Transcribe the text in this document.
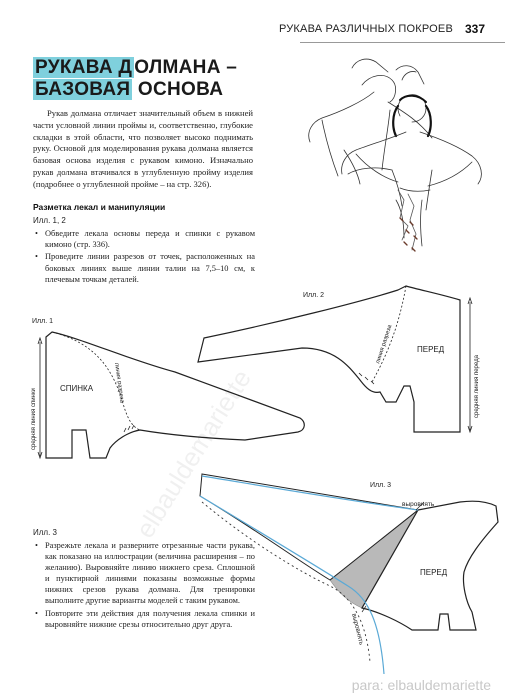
РУКАВА РАЗЛИЧНЫХ ПОКРОЕВ 337
РУКАВА Д ОЛМАНА –
БАЗОВАЯ ОСНОВА

Рукав долмана отличает значительный объем в нижней части условной линии проймы и, соответственно, глубокие складки в этой области, что позволяет высоко поднимать руку. Основой для моделирования рукава долмана является базовая основа изделия с рукавом кимоно. Изначально рукав долмана втачивался в углубленную пройму изделия (подробнее о углубленной пройме – на стр. 326).

Разметка лекал и манипуляции
Илл. 1, 2
• Обведите лекала основы переда и спинки с рукавом кимоно (стр. 336).
• Проведите линии разрезов от точек, расположенных на боковых линиях выше линии талии на 7,5–10 см, к плечевым точкам деталей.
Илл. 3
• Разрежьте лекала и разверните отрезанные части рукава, как показано на иллюстрации (величина расширения – по желанию). Выровняйте линию нижнего среза. Сплошной и пунктирной линиями показаны возможные формы нижних срезов рукава долмана. Для тренировки выполните другие варианты моделей с таким рукавом.
• Повторите эти действия для получения лекала спинки и выровняйте нижние срезы относительно друг друга.
Илл. 1
средняя линия спинки	СПИНКА	линия разреза
Илл. 2
средняя линия переда
ПЕРЕД
линия разреза
Илл. 3
ПЕРЕД
выровнять
выровнять
elbauldemariette
para: elbauldemariette
